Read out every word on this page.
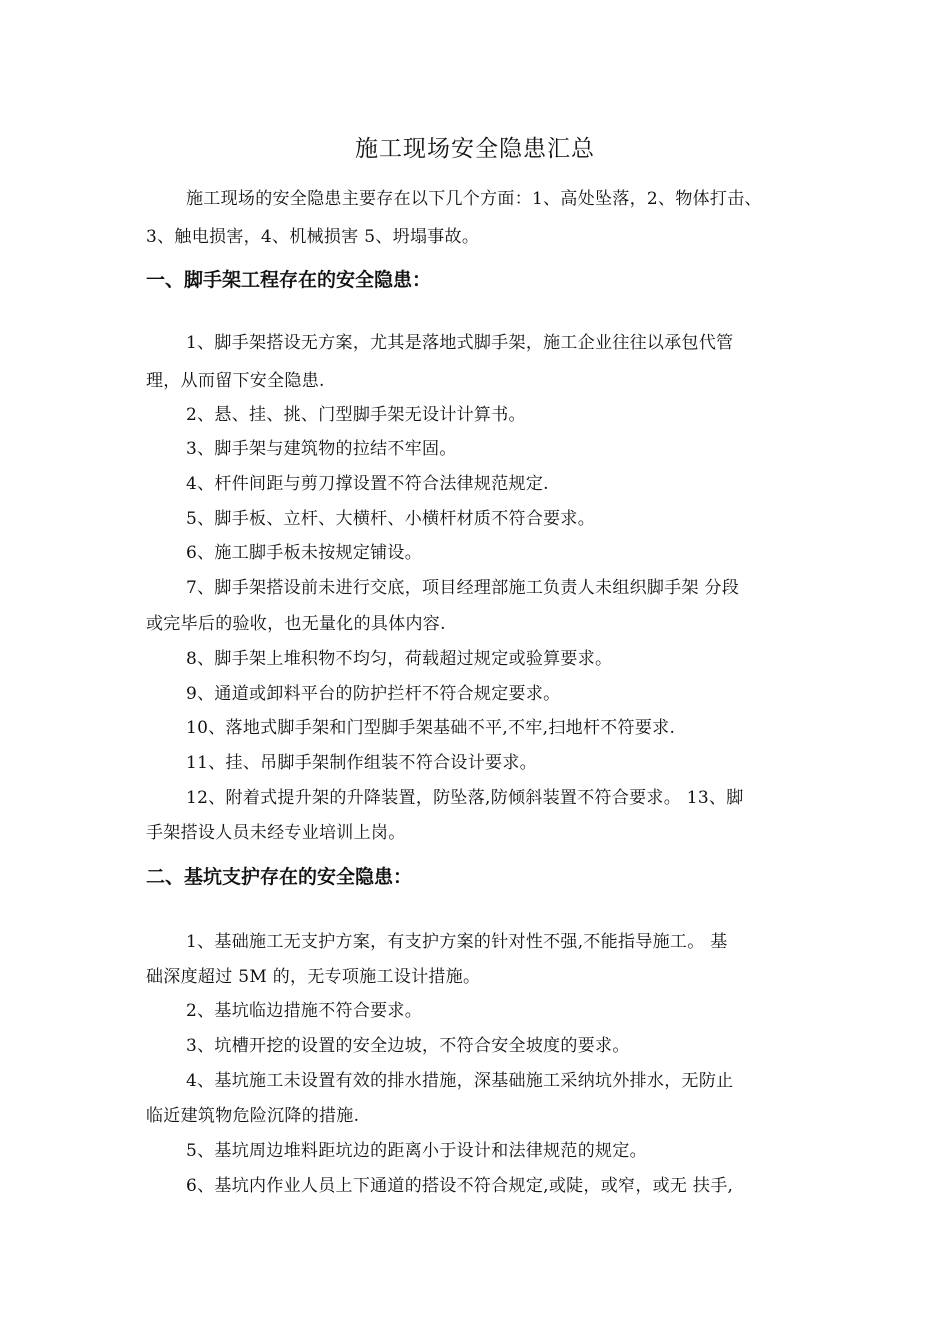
施工现场安全隐患汇总
施工现场的安全隐患主要存在以下几个方面：1、高处坠落，2、物体打击、
3、触电损害，4、机械损害 5、坍塌事故。
一、脚手架工程存在的安全隐患：
1、脚手架搭设无方案，尤其是落地式脚手架，施工企业往往以承包代管
理，从而留下安全隐患.
2、悬、挂、挑、门型脚手架无设计计算书。
3、脚手架与建筑物的拉结不牢固。
4、杆件间距与剪刀撑设置不符合法律规范规定.
5、脚手板、立杆、大横杆、小横杆材质不符合要求。
6、施工脚手板未按规定铺设。
7、脚手架搭设前未进行交底，项目经理部施工负责人未组织脚手架 分段
或完毕后的验收，也无量化的具体内容.
8、脚手架上堆积物不均匀，荷载超过规定或验算要求。
9、通道或卸料平台的防护拦杆不符合规定要求。
10、落地式脚手架和门型脚手架基础不平,不牢,扫地杆不符要求.
11、挂、吊脚手架制作组装不符合设计要求。
12、附着式提升架的升降装置，防坠落,防倾斜装置不符合要求。 13、脚
手架搭设人员未经专业培训上岗。
二、基坑支护存在的安全隐患：
1、基础施工无支护方案，有支护方案的针对性不强,不能指导施工。 基
础深度超过 5M 的，无专项施工设计措施。
2、基坑临边措施不符合要求。
3、坑槽开挖的设置的安全边坡，不符合安全坡度的要求。
4、基坑施工未设置有效的排水措施，深基础施工采纳坑外排水，无防止
临近建筑物危险沉降的措施.
5、基坑周边堆料距坑边的距离小于设计和法律规范的规定。
6、基坑内作业人员上下通道的搭设不符合规定,或陡，或窄，或无 扶手,
